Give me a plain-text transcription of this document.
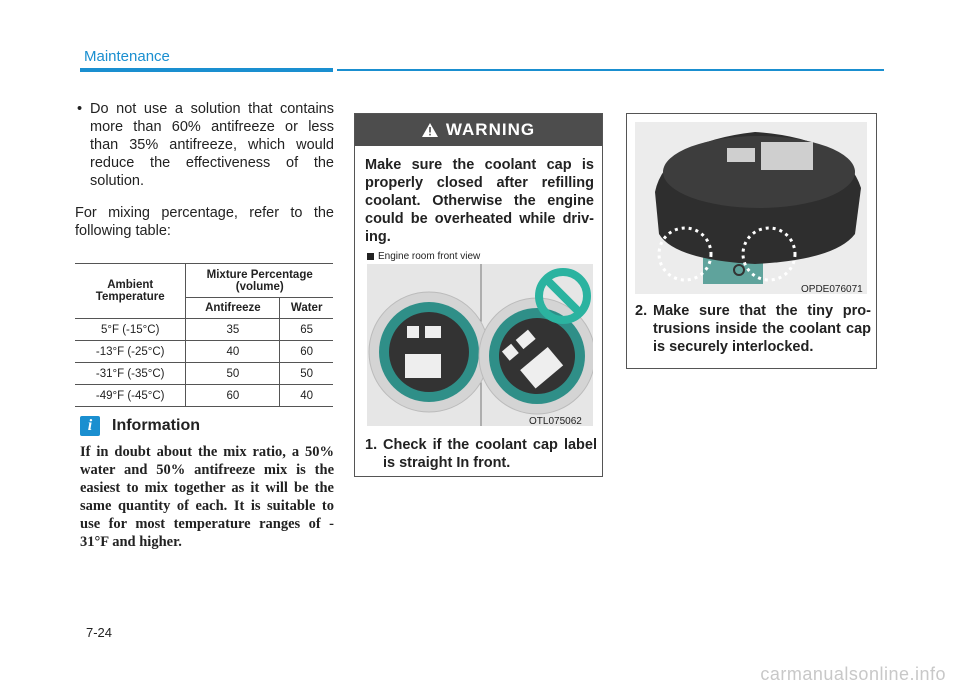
Maintenance
• Do not use a solution that contains more than 60% antifreeze or less than 35% antifreeze, which would reduce the effectiveness of the solution.
For mixing percentage, refer to the following table:
Ambient Temperature	Mixture Percentage (volume)	
	Antifreeze	Water
5°F (-15°C)	35	65
-13°F (-25°C)	40	60
-31°F (-35°C)	50	50
-49°F (-45°C)	60	40
i	Information
If in doubt about the mix ratio, a 50% water and 50% antifreeze mix is the easiest to mix together as it will be the same quantity of each. It is suitable to use for most temperature ranges of - 31°F and higher.
WARNING
Make sure the coolant cap is properly closed after refilling coolant. Otherwise the engine could be overheated while driv-ing.
Engine room front view
OTL075062
1. Check if the coolant cap label is straight In front.
OPDE076071
2. Make sure that the tiny pro-trusions inside the coolant cap is securely interlocked.
7-24
carmanualsonline.info
